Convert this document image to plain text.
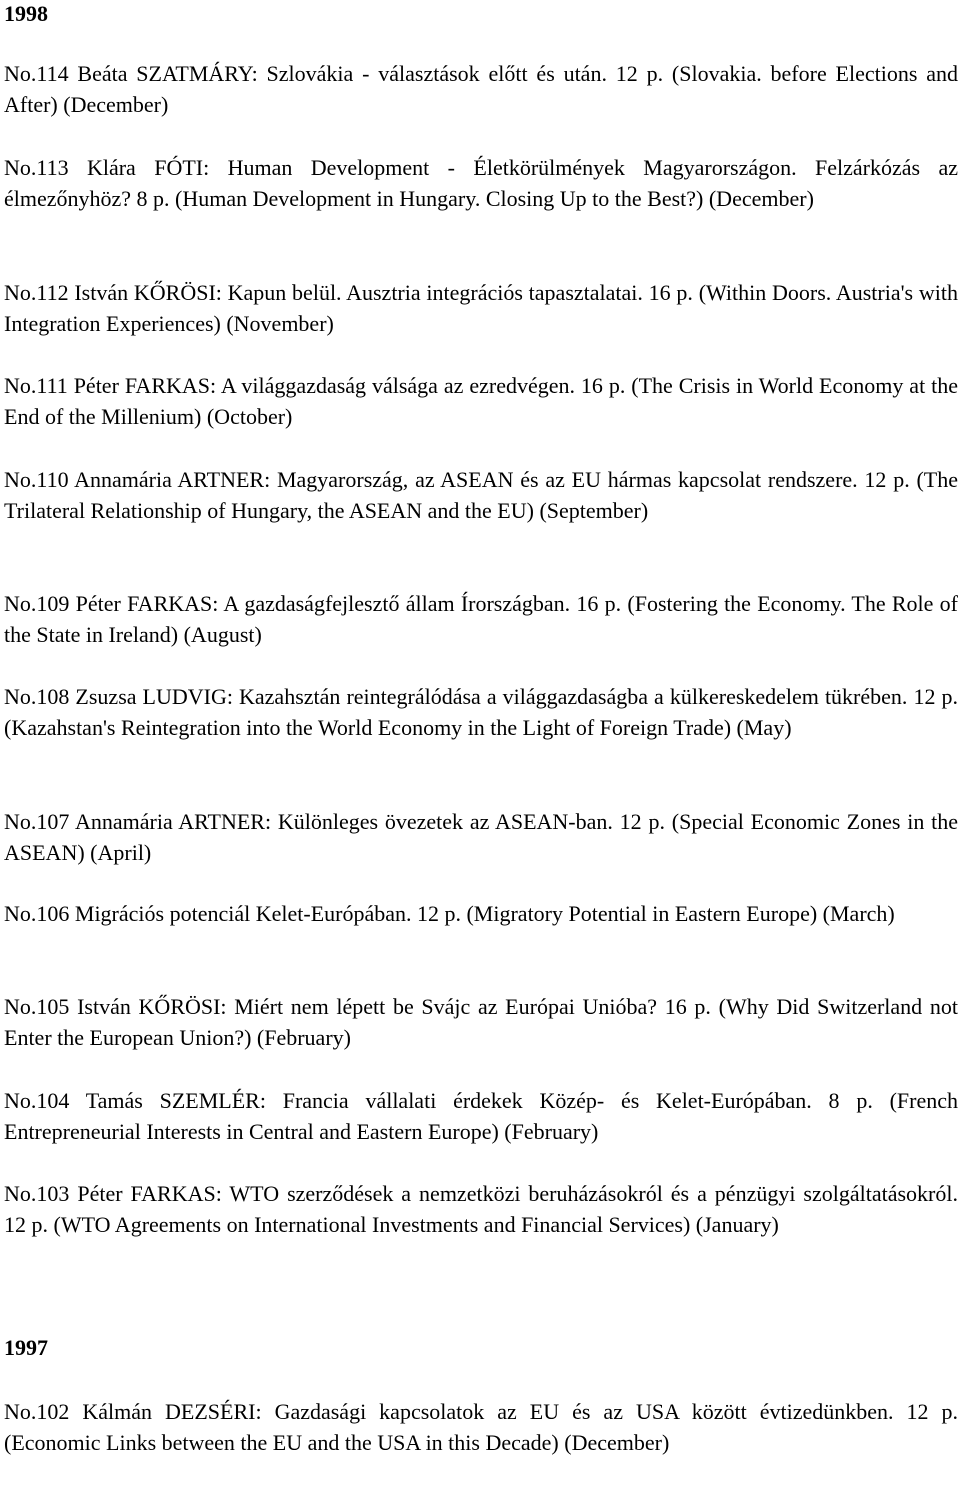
1998

No.114 Beáta SZATMÁRY: Szlovákia - választások előtt és után. 12 p. (Slovakia. before Elections and After) (December)

No.113 Klára FÓTI: Human Development - Életkörülmények Magyarországon. Felzárkózás az élmezőnyhöz? 8 p. (Human Development in Hungary. Closing Up to the Best?) (December)

No.112 István KŐRÖSI: Kapun belül. Ausztria integrációs tapasztalatai. 16 p. (Within Doors. Austria's with Integration Experiences) (November)

No.111 Péter FARKAS: A világgazdaság válsága az ezredvégen. 16 p. (The Crisis in World Economy at the End of the Millenium) (October)

No.110 Annamária ARTNER: Magyarország, az ASEAN és az EU hármas kapcsolat rendszere. 12 p. (The Trilateral Relationship of Hungary, the ASEAN and the EU) (September)

No.109 Péter FARKAS: A gazdaságfejlesztő állam Írországban. 16 p. (Fostering the Economy. The Role of the State in Ireland) (August)

No.108 Zsuzsa LUDVIG: Kazahsztán reintegrálódása a világgazdaságba a külkereskedelem tükrében. 12 p. (Kazahstan's Reintegration into the World Economy in the Light of Foreign Trade) (May)

No.107 Annamária ARTNER: Különleges övezetek az ASEAN-ban. 12 p. (Special Economic Zones in the ASEAN) (April)

No.106 Migrációs potenciál Kelet-Európában. 12 p. (Migratory Potential in Eastern Europe) (March)

No.105 István KŐRÖSI: Miért nem lépett be Svájc az Európai Unióba? 16 p. (Why Did Switzerland not Enter the European Union?) (February)

No.104 Tamás SZEMLÉR: Francia vállalati érdekek Közép- és Kelet-Európában. 8 p. (French Entrepreneurial Interests in Central and Eastern Europe) (February)

No.103 Péter FARKAS: WTO szerződések a nemzetközi beruházásokról és a pénzügyi szolgáltatásokról. 12 p. (WTO Agreements on International Investments and Financial Services) (January)

1997

No.102 Kálmán DEZSÉRI: Gazdasági kapcsolatok az EU és az USA között évtizedünkben. 12 p. (Economic Links between the EU and the USA in this Decade) (December)
